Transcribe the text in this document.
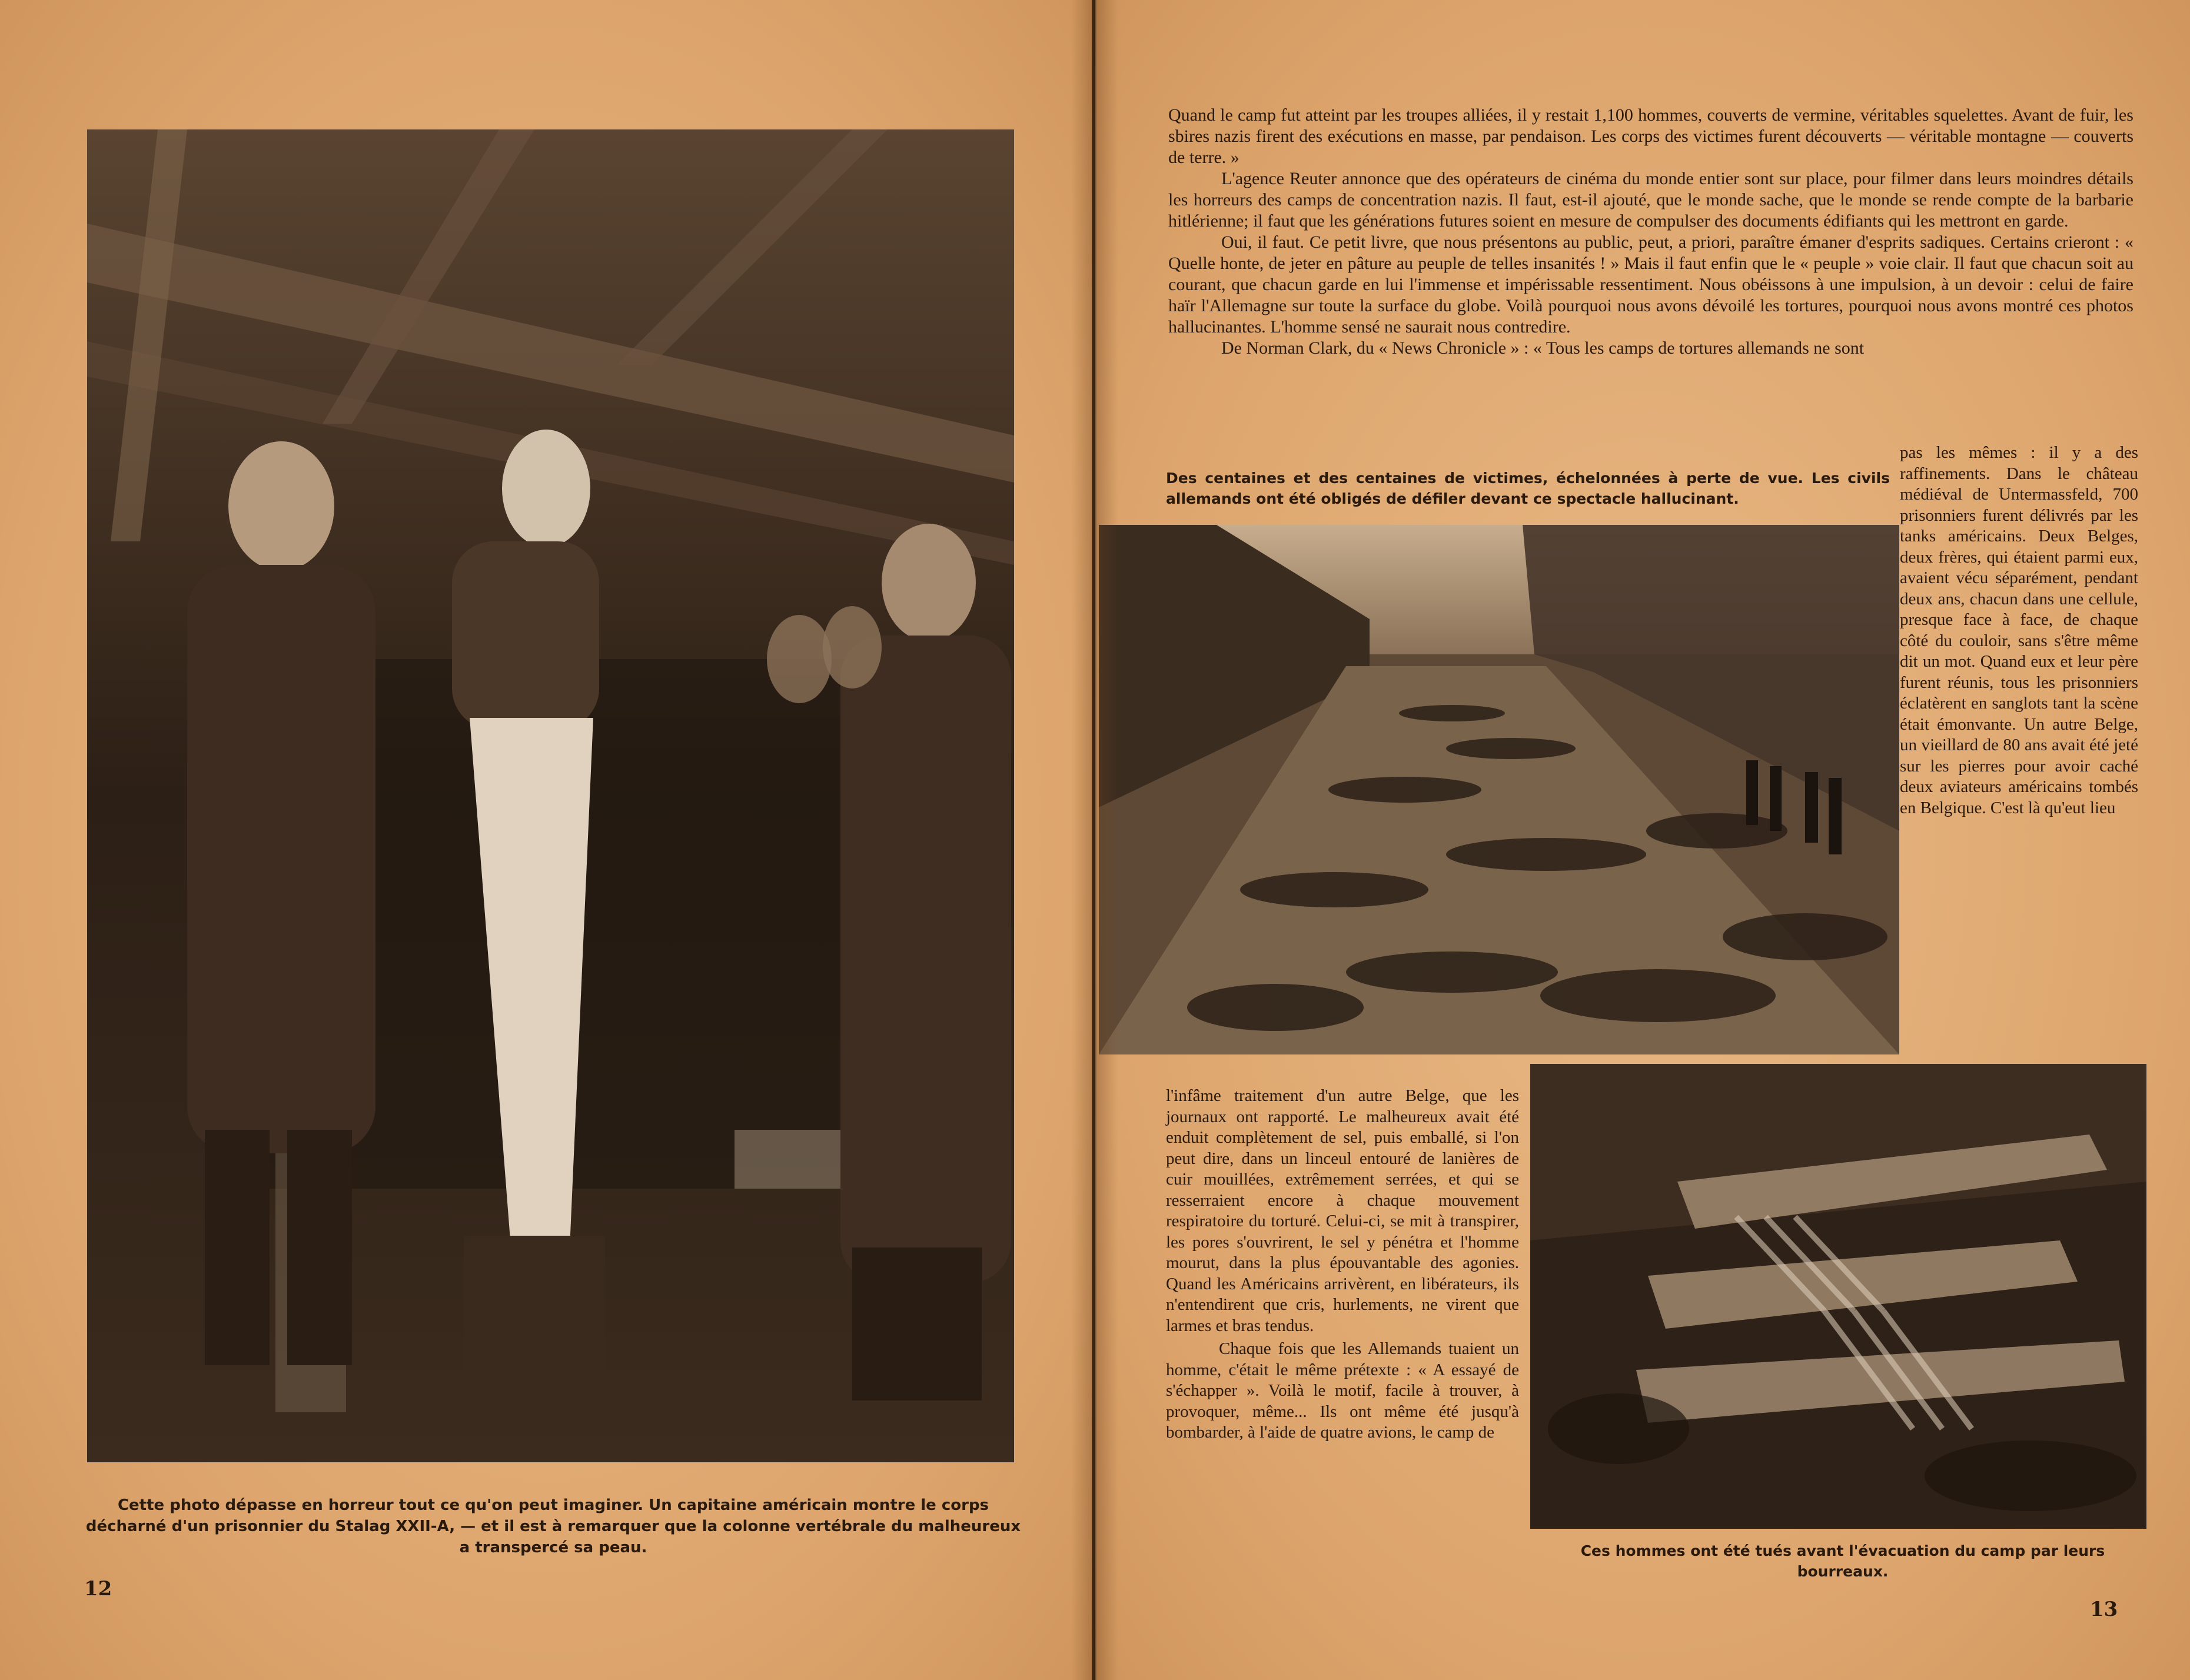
Cette photo dépasse en horreur tout ce qu'on peut imaginer. Un capitaine américain montre le corps décharné d'un prisonnier du Stalag XXII-A, — et il est à remarquer que la colonne vertébrale du malheureux a transpercé sa peau.
12

Quand le camp fut atteint par les troupes alliées, il y restait 1,100 hommes, couverts de vermine, véritables squelettes. Avant de fuir, les sbires nazis firent des exécutions en masse, par pendaison. Les corps des victimes furent découverts — véritable montagne — couverts de terre. »

L'agence Reuter annonce que des opérateurs de cinéma du monde entier sont sur place, pour filmer dans leurs moindres détails les horreurs des camps de concentration nazis. Il faut, est-il ajouté, que le monde sache, que le monde se rende compte de la barbarie hitlérienne; il faut que les générations futures soient en mesure de compulser des documents édifiants qui les mettront en garde.

Oui, il faut. Ce petit livre, que nous présentons au public, peut, a priori, paraître émaner d'esprits sadiques. Certains crieront : « Quelle honte, de jeter en pâture au peuple de telles insanités ! » Mais il faut enfin que le « peuple » voie clair. Il faut que chacun soit au courant, que chacun garde en lui l'immense et impérissable ressentiment. Nous obéissons à une impulsion, à un devoir : celui de faire haïr l'Allemagne sur toute la surface du globe. Voilà pourquoi nous avons dévoilé les tortures, pourquoi nous avons montré ces photos hallucinantes. L'homme sensé ne saurait nous contredire.

De Norman Clark, du « News Chronicle » : « Tous les camps de tortures allemands ne sont

Des centaines et des centaines de victimes, échelonnées à perte de vue. Les civils allemands ont été obligés de défiler devant ce spectacle hallucinant.
pas les mêmes : il y a des raffinements. Dans le château médiéval de Untermassfeld, 700 prisonniers furent délivrés par les tanks américains. Deux Belges, deux frères, qui étaient parmi eux, avaient vécu séparément, pendant deux ans, chacun dans une cellule, presque face à face, de chaque côté du couloir, sans s'être même dit un mot. Quand eux et leur père furent réunis, tous les prisonniers éclatèrent en sanglots tant la scène était émonvante. Un autre Belge, un vieillard de 80 ans avait été jeté sur les pierres pour avoir caché deux aviateurs américains tombés en Belgique. C'est là qu'eut lieu

l'infâme traitement d'un autre Belge, que les journaux ont rapporté. Le malheureux avait été enduit complètement de sel, puis emballé, si l'on peut dire, dans un linceul entouré de lanières de cuir mouillées, extrêmement serrées, et qui se resserraient encore à chaque mouvement respiratoire du torturé. Celui-ci, se mit à transpirer, les pores s'ouvrirent, le sel y pénétra et l'homme mourut, dans la plus épouvantable des agonies. Quand les Américains arrivèrent, en libérateurs, ils n'entendirent que cris, hurlements, ne virent que larmes et bras tendus.

Chaque fois que les Allemands tuaient un homme, c'était le même prétexte : « A essayé de s'échapper ». Voilà le motif, facile à trouver, à provoquer, même... Ils ont même été jusqu'à bombarder, à l'aide de quatre avions, le camp de

Ces hommes ont été tués avant l'évacuation du camp par leurs bourreaux.
13
